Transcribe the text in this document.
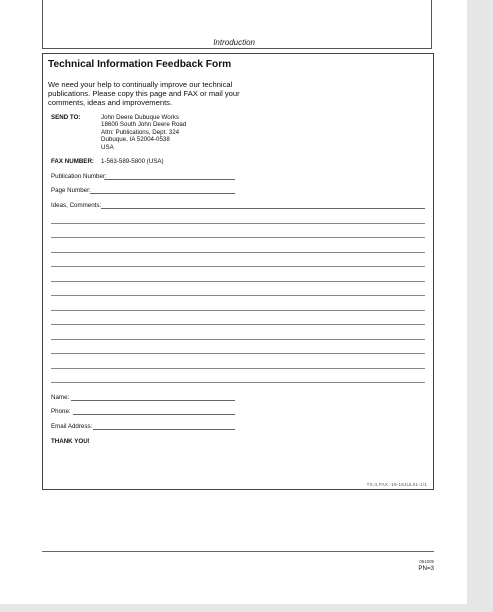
Introduction
Technical Information Feedback Form
We need your help to continually improve our technical
publications. Please copy this page and FAX or mail your
comments, ideas and improvements.
SEND TO:	John Deere Dubuque Works
18600 South John Deere Road
Attn: Publications, Dept. 324
Dubuque, IA 52004-0538
USA
FAX NUMBER: 1-563-589-5800 (USA)
Publication Number:
Page Number:
Ideas, Comments:
Name:
Phone:
Email Address:
THANK YOU!
TX,II,FAX -19-15JUL01-1/1
061009
PN=3
